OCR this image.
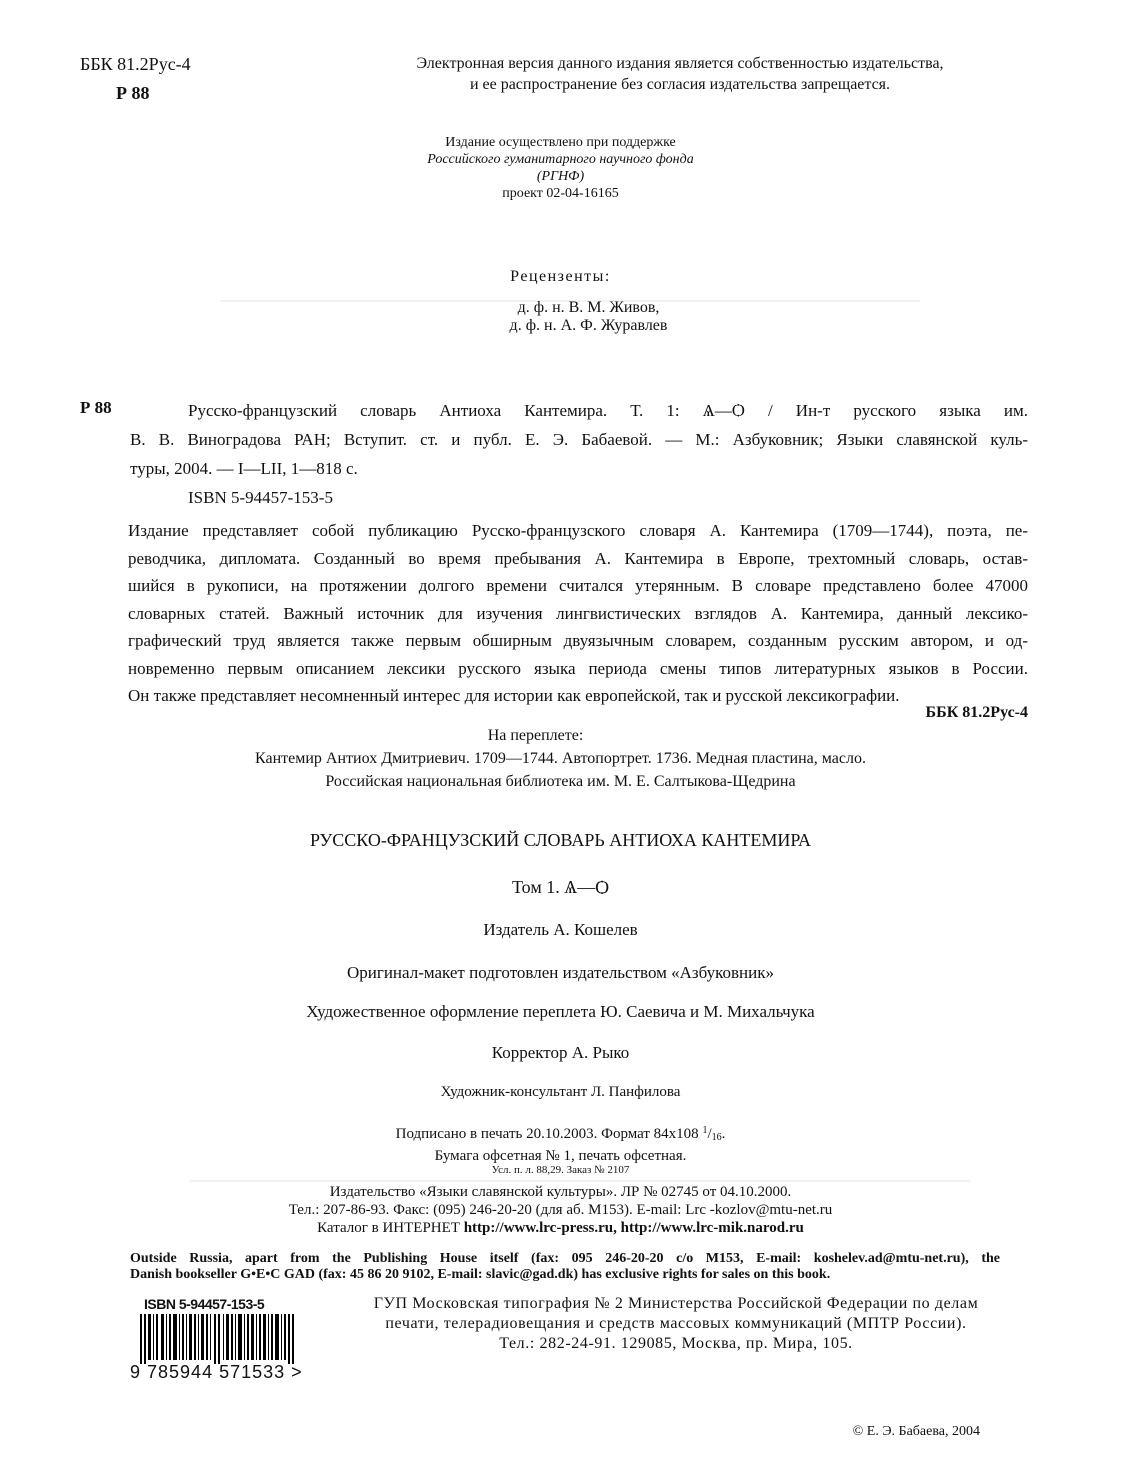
ББК 81.2Рус-4
Р 88
Электронная версия данного издания является собственностью издательства,
и ее распространение без согласия издательства запрещается.
Издание осуществлено при поддержке
Российского гуманитарного научного фонда
(РГНФ)
проект 02-04-16165
Рецензенты:
д. ф. н. В. М. Живов,
д. ф. н. А. Ф. Журавлев
Р 88	Русско-французский словарь Антиоха Кантемира. Т. 1: Ѧ—Ѻ / Ин-т русского языка им.
В. В. Виноградова РАН; Вступит. ст. и публ. Е. Э. Бабаевой. — М.: Азбуковник; Языки славянской куль-
туры, 2004. — I—LII, 1—818 с.
ISBN 5-94457-153-5
Издание представляет собой публикацию Русско-французского словаря А. Кантемира (1709—1744), поэта, пе-
реводчика, дипломата. Созданный во время пребывания А. Кантемира в Европе, трехтомный словарь, остав-
шийся в рукописи, на протяжении долгого времени считался утерянным. В словаре представлено более 47000
словарных статей. Важный источник для изучения лингвистических взглядов А. Кантемира, данный лексико-
графический труд является также первым обширным двуязычным словарем, созданным русским автором, и од-
новременно первым описанием лексики русского языка периода смены типов литературных языков в России.
Он также представляет несомненный интерес для истории как европейской, так и русской лексикографии.
ББК 81.2Рус-4
На переплете:
Кантемир Антиох Дмитриевич. 1709—1744. Автопортрет. 1736. Медная пластина, масло.
Российская национальная библиотека им. М. Е. Салтыкова-Щедрина
РУССКО-ФРАНЦУЗСКИЙ СЛОВАРЬ АНТИОХА КАНТЕМИРА
Том 1. Ѧ—Ѻ
Издатель А. Кошелев
Оригинал-макет подготовлен издательством «Азбуковник»
Художественное оформление переплета Ю. Саевича и М. Михальчука
Корректор А. Рыко
Художник-консультант Л. Панфилова
Подписано в печать 20.10.2003. Формат 84х108 $^1/_{16}$.
Бумага офсетная № 1, печать офсетная.
Усл. п. л. 88,29. Заказ № 2107
Издательство «Языки славянской культуры». ЛР № 02745 от 04.10.2000.
Тел.: 207-86-93. Факс: (095) 246-20-20 (для аб. М153). E-mail: Lrc -kozlov@mtu-net.ru
Каталог в ИНТЕРНЕТ http://www.lrc-press.ru, http://www.lrc-mik.narod.ru
Outside Russia, apart from the Publishing House itself (fax: 095 246-20-20 c/o M153, E-mail: koshelev.ad@mtu-net.ru), the
Danish bookseller G•E•C GAD (fax: 45 86 20 9102, E-mail: slavic@gad.dk) has exclusive rights for sales on this book.
ISBN 5-94457-153-5
9 785944 571533 >
ГУП Московская типография № 2 Министерства Российской Федерации по делам
печати, телерадиовещания и средств массовых коммуникаций (МПТР России).
Тел.: 282-24-91. 129085, Москва, пр. Мира, 105.
© Е. Э. Бабаева, 2004
